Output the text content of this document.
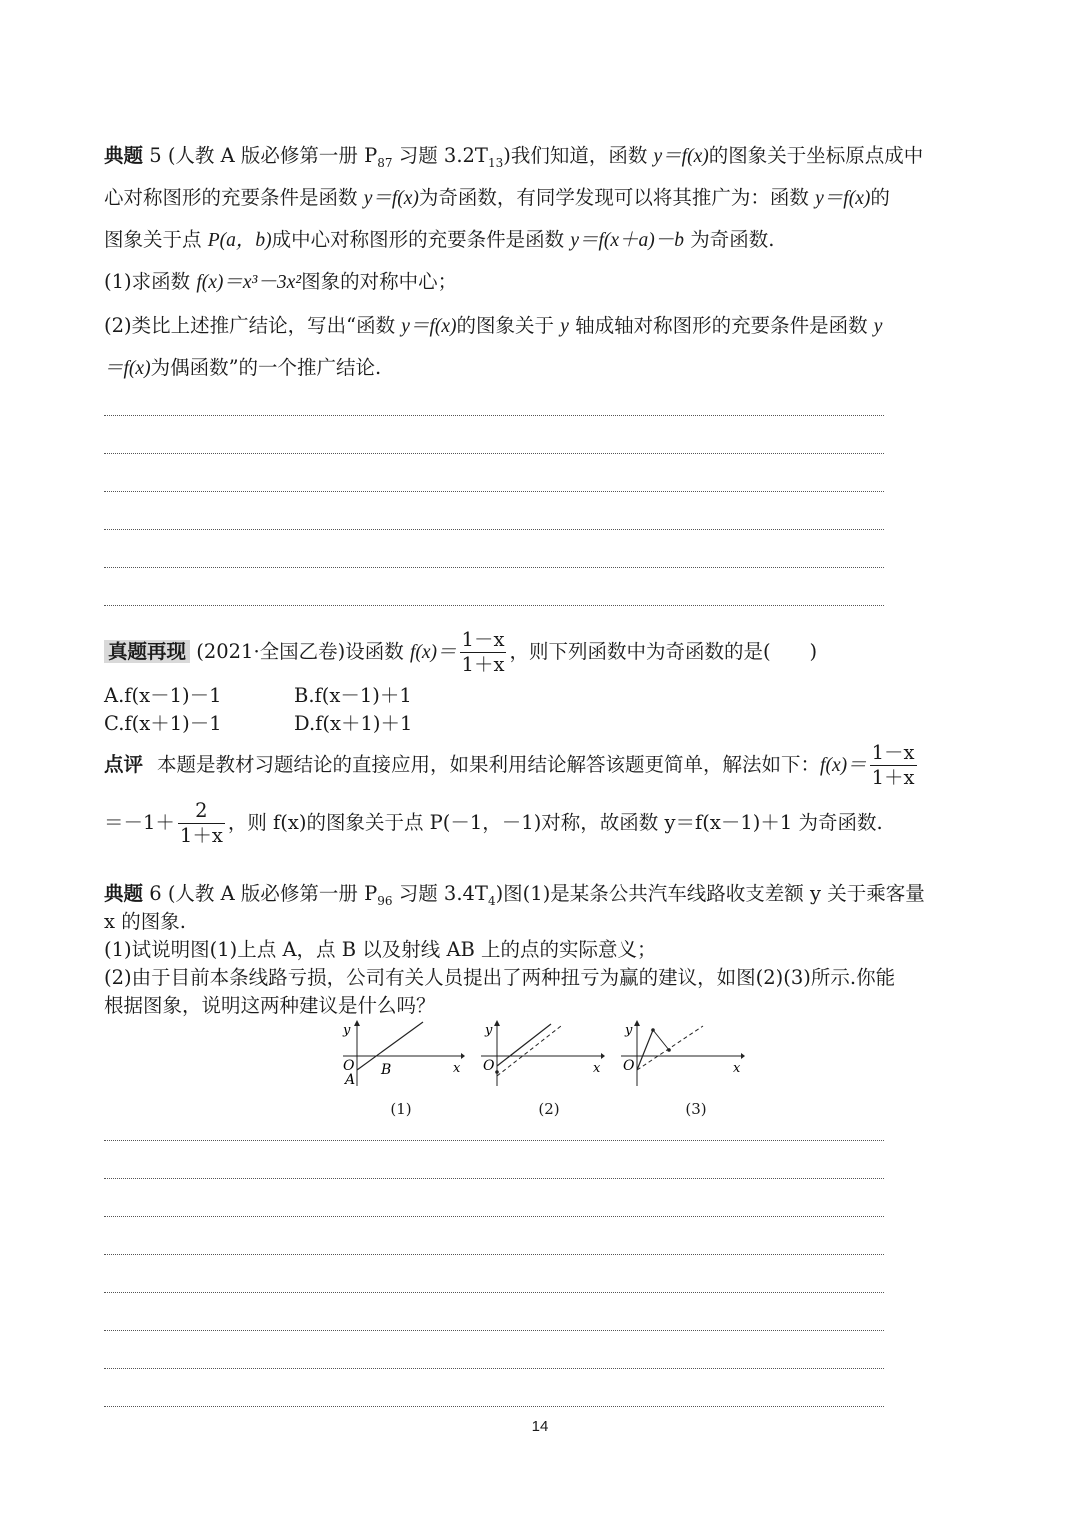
典题 5 (人教 A 版必修第一册 $P_{87}$ 习题 $3.2T_{13}$)我们知道，函数 y＝f(x)的图象关于坐标原点成中
心对称图形的充要条件是函数 y＝f(x)为奇函数，有同学发现可以将其推广为：函数 y＝f(x)的
图象关于点 P(a，b)成中心对称图形的充要条件是函数 y＝f(x＋a)－b 为奇函数.
(1)求函数 f(x)＝x³－3x²图象的对称中心；
(2)类比上述推广结论，写出“函数 y＝f(x)的图象关于 y 轴成轴对称图形的充要条件是函数 y
＝f(x)为偶函数”的一个推广结论.
真题再现 (2021·全国乙卷)设函数 $f(x)= \frac{1-x}{1+x}$ ，则下列函数中为奇函数的是(　　)
A.f(x－1)－1	B.f(x－1)＋1
C.f(x＋1)－1	D.f(x＋1)＋1
点评 本题是教材习题结论的直接应用，如果利用结论解答该题更简单，解法如下：$f(x)= \frac{1-x}{1+x}$
$=-1+ \frac{2}{1+x}$ ，则 f(x)的图象关于点 P(－1，－1)对称，故函数 y＝f(x－1)＋1 为奇函数.
典题 6 (人教 A 版必修第一册 $P_{96}$ 习题 $3.4T_4$)图(1)是某条公共汽车线路收支差额 y 关于乘客量
x 的图象.
(1)试说明图(1)上点 A，点 B 以及射线 AB 上的点的实际意义；
(2)由于目前本条线路亏损，公司有关人员提出了两种扭亏为赢的建议，如图(2)(3)所示.你能
根据图象，说明这两种建议是什么吗？
y
x
O
A
B
(1)
y
x
O
(2)
y
x
O
(3)
14
